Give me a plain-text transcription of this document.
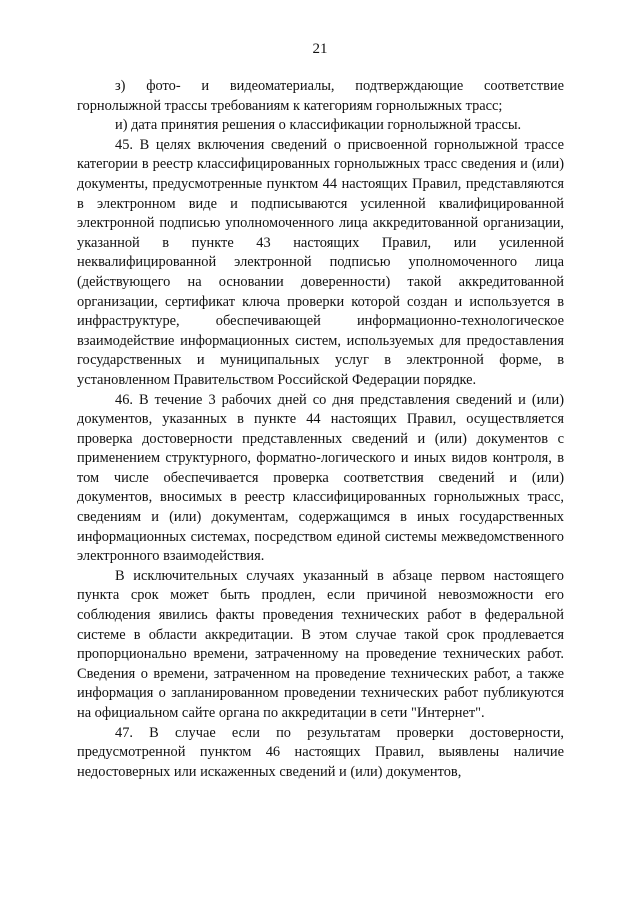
21

з) фото- и видеоматериалы, подтверждающие соответствие горнолыжной трассы требованиям к категориям горнолыжных трасс;

и) дата принятия решения о классификации горнолыжной трассы.

45. В целях включения сведений о присвоенной горнолыжной трассе категории в реестр классифицированных горнолыжных трасс сведения и (или) документы, предусмотренные пунктом 44 настоящих Правил, представляются в электронном виде и подписываются усиленной квалифицированной электронной подписью уполномоченного лица аккредитованной организации, указанной в пункте 43 настоящих Правил, или усиленной неквалифицированной электронной подписью уполномоченного лица (действующего на основании доверенности) такой аккредитованной организации, сертификат ключа проверки которой создан и используется в инфраструктуре, обеспечивающей информационно-технологическое взаимодействие информационных систем, используемых для предоставления государственных и муниципальных услуг в электронной форме, в установленном Правительством Российской Федерации порядке.

46. В течение 3 рабочих дней со дня представления сведений и (или) документов, указанных в пункте 44 настоящих Правил, осуществляется проверка достоверности представленных сведений и (или) документов с применением структурного, форматно-логического и иных видов контроля, в том числе обеспечивается проверка соответствия сведений и (или) документов, вносимых в реестр классифицированных горнолыжных трасс, сведениям и (или) документам, содержащимся в иных государственных информационных системах, посредством единой системы межведомственного электронного взаимодействия.

В исключительных случаях указанный в абзаце первом настоящего пункта срок может быть продлен, если причиной невозможности его соблюдения явились факты проведения технических работ в федеральной системе в области аккредитации. В этом случае такой срок продлевается пропорционально времени, затраченному на проведение технических работ. Сведения о времени, затраченном на проведение технических работ, а также информация о запланированном проведении технических работ публикуются на официальном сайте органа по аккредитации в сети "Интернет".

47. В случае если по результатам проверки достоверности, предусмотренной пунктом 46 настоящих Правил, выявлены наличие недостоверных или искаженных сведений и (или) документов,
